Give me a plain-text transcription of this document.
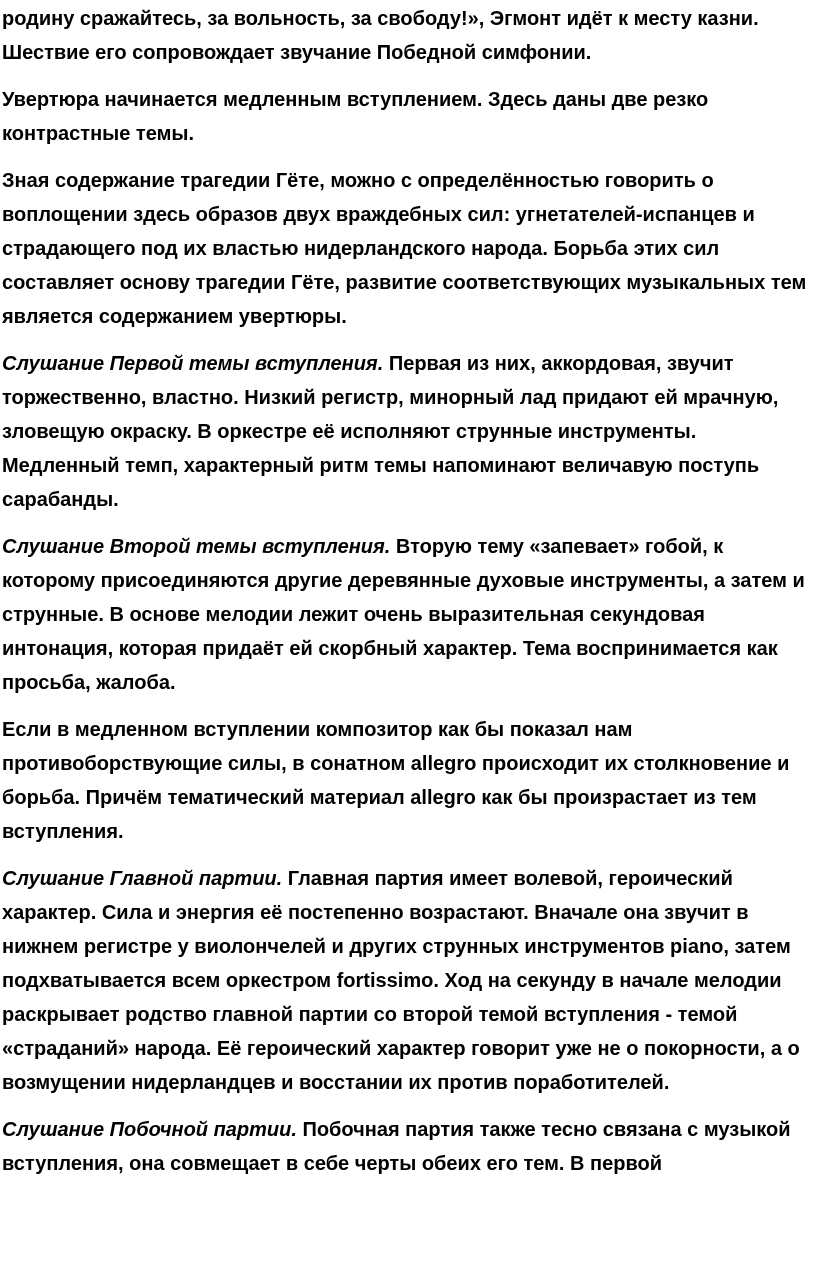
родину сражайтесь, за вольность, за свободу!», Эгмонт идёт к месту казни. Шествие его сопровождает звучание Победной симфонии.

Увертюра начинается медленным вступлением. Здесь даны две резко контрастные темы.

Зная содержание трагедии Гёте, можно с определённостью говорить о воплощении здесь образов двух враждебных сил: угнетателей-испанцев и страдающего под их властью нидерландского народа. Борьба этих сил составляет основу трагедии Гёте, развитие соответствующих музыкальных тем является содержанием увертюры.

Слушание Первой темы вступления. Первая из них, аккордовая, звучит торжественно, властно. Низкий регистр, минорный лад придают ей мрачную, зловещую окраску. В оркестре её исполняют струнные инструменты. Медленный темп, характерный ритм темы напоминают величавую поступь сарабанды.

Слушание Второй темы вступления. Вторую тему «запевает» гобой, к которому присоединяются другие деревянные духовые инструменты, а затем и струнные. В основе мелодии лежит очень выразительная секундовая интонация, которая придаёт ей скорбный характер. Тема воспринимается как просьба, жалоба.

Если в медленном вступлении композитор как бы показал нам противоборствующие силы, в сонатном allegro происходит их столкновение и борьба. Причём тематический материал allegro как бы произрастает из тем вступления.

Слушание Главной партии. Главная партия имеет волевой, героический характер. Сила и энергия её постепенно возрастают. Вначале она звучит в нижнем регистре у виолончелей и других струнных инструментов piano, затем подхватывается всем оркестром fortissimo. Ход на секунду в начале мелодии раскрывает родство главной партии со второй темой вступления - темой «страданий» народа. Её героический характер говорит уже не о покорности, а о возмущении нидерландцев и восстании их против поработителей.

Слушание Побочной партии. Побочная партия также тесно связана с музыкой вступления, она совмещает в себе черты обеих его тем. В первой
